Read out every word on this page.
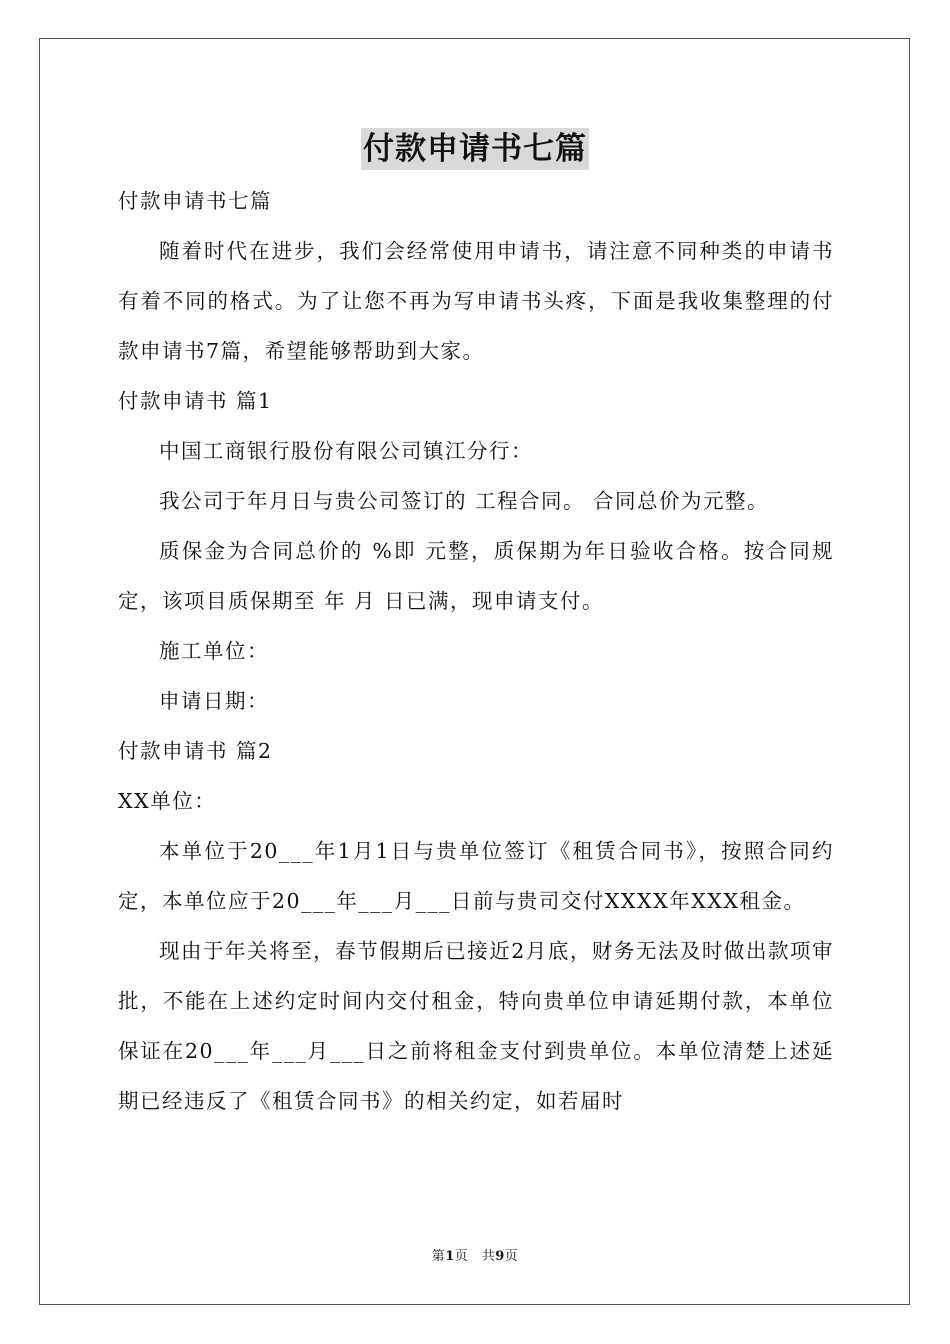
付款申请书七篇

付款申请书七篇

随着时代在进步，我们会经常使用申请书，请注意不同种类的申请书有着不同的格式。为了让您不再为写申请书头疼，下面是我收集整理的付款申请书7篇，希望能够帮助到大家。

付款申请书 篇1

中国工商银行股份有限公司镇江分行：

我公司于年月日与贵公司签订的 工程合同。 合同总价为元整。

质保金为合同总价的 %即 元整，质保期为年日验收合格。按合同规定，该项目质保期至 年 月 日已满，现申请支付。

施工单位：

申请日期：

付款申请书 篇2

XX单位：

本单位于20___年1月1日与贵单位签订《租赁合同书》，按照合同约定，本单位应于20___年___月___日前与贵司交付XXXX年XXX租金。

现由于年关将至，春节假期后已接近2月底，财务无法及时做出款项审批，不能在上述约定时间内交付租金，特向贵单位申请延期付款，本单位保证在20___年___月___日之前将租金支付到贵单位。本单位清楚上述延期已经违反了《租赁合同书》的相关约定，如若届时

第1页　共9页
